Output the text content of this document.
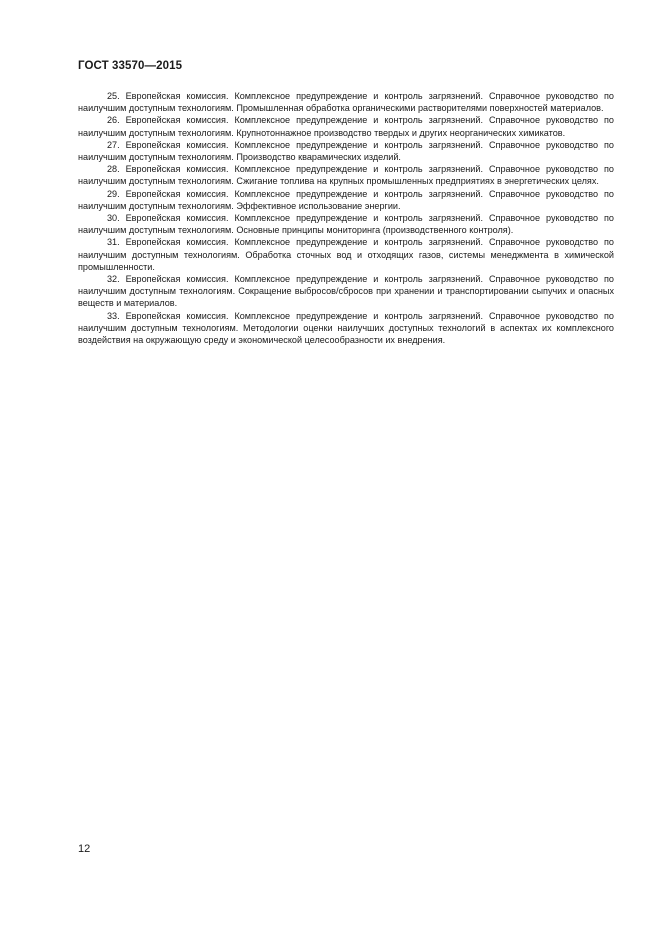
ГОСТ 33570—2015

25. Европейская комиссия. Комплексное предупреждение и контроль загрязнений. Справочное руководство по наилучшим доступным технологиям. Промышленная обработка органическими растворителями поверхностей материалов.

26. Европейская комиссия. Комплексное предупреждение и контроль загрязнений. Справочное руководство по наилучшим доступным технологиям. Крупнотоннажное производство твердых и других неорганических химикатов.

27. Европейская комиссия. Комплексное предупреждение и контроль загрязнений. Справочное руководство по наилучшим доступным технологиям. Производство кварамических изделий.

28. Европейская комиссия. Комплексное предупреждение и контроль загрязнений. Справочное руководство по наилучшим доступным технологиям. Сжигание топлива на крупных промышленных предприятиях в энергетических целях.

29. Европейская комиссия. Комплексное предупреждение и контроль загрязнений. Справочное руководство по наилучшим доступным технологиям. Эффективное использование энергии.

30. Европейская комиссия. Комплексное предупреждение и контроль загрязнений. Справочное руководство по наилучшим доступным технологиям. Основные принципы мониторинга (производственного контроля).

31. Европейская комиссия. Комплексное предупреждение и контроль загрязнений. Справочное руководство по наилучшим доступным технологиям. Обработка сточных вод и отходящих газов, системы менеджмента в химической промышленности.

32. Европейская комиссия. Комплексное предупреждение и контроль загрязнений. Справочное руководство по наилучшим доступным технологиям. Сокращение выбросов/сбросов при хранении и транспортировании сыпучих и опасных веществ и материалов.

33. Европейская комиссия. Комплексное предупреждение и контроль загрязнений. Справочное руководство по наилучшим доступным технологиям. Методологии оценки наилучших доступных технологий в аспектах их комплексного воздействия на окружающую среду и экономической целесообразности их внедрения.

12
